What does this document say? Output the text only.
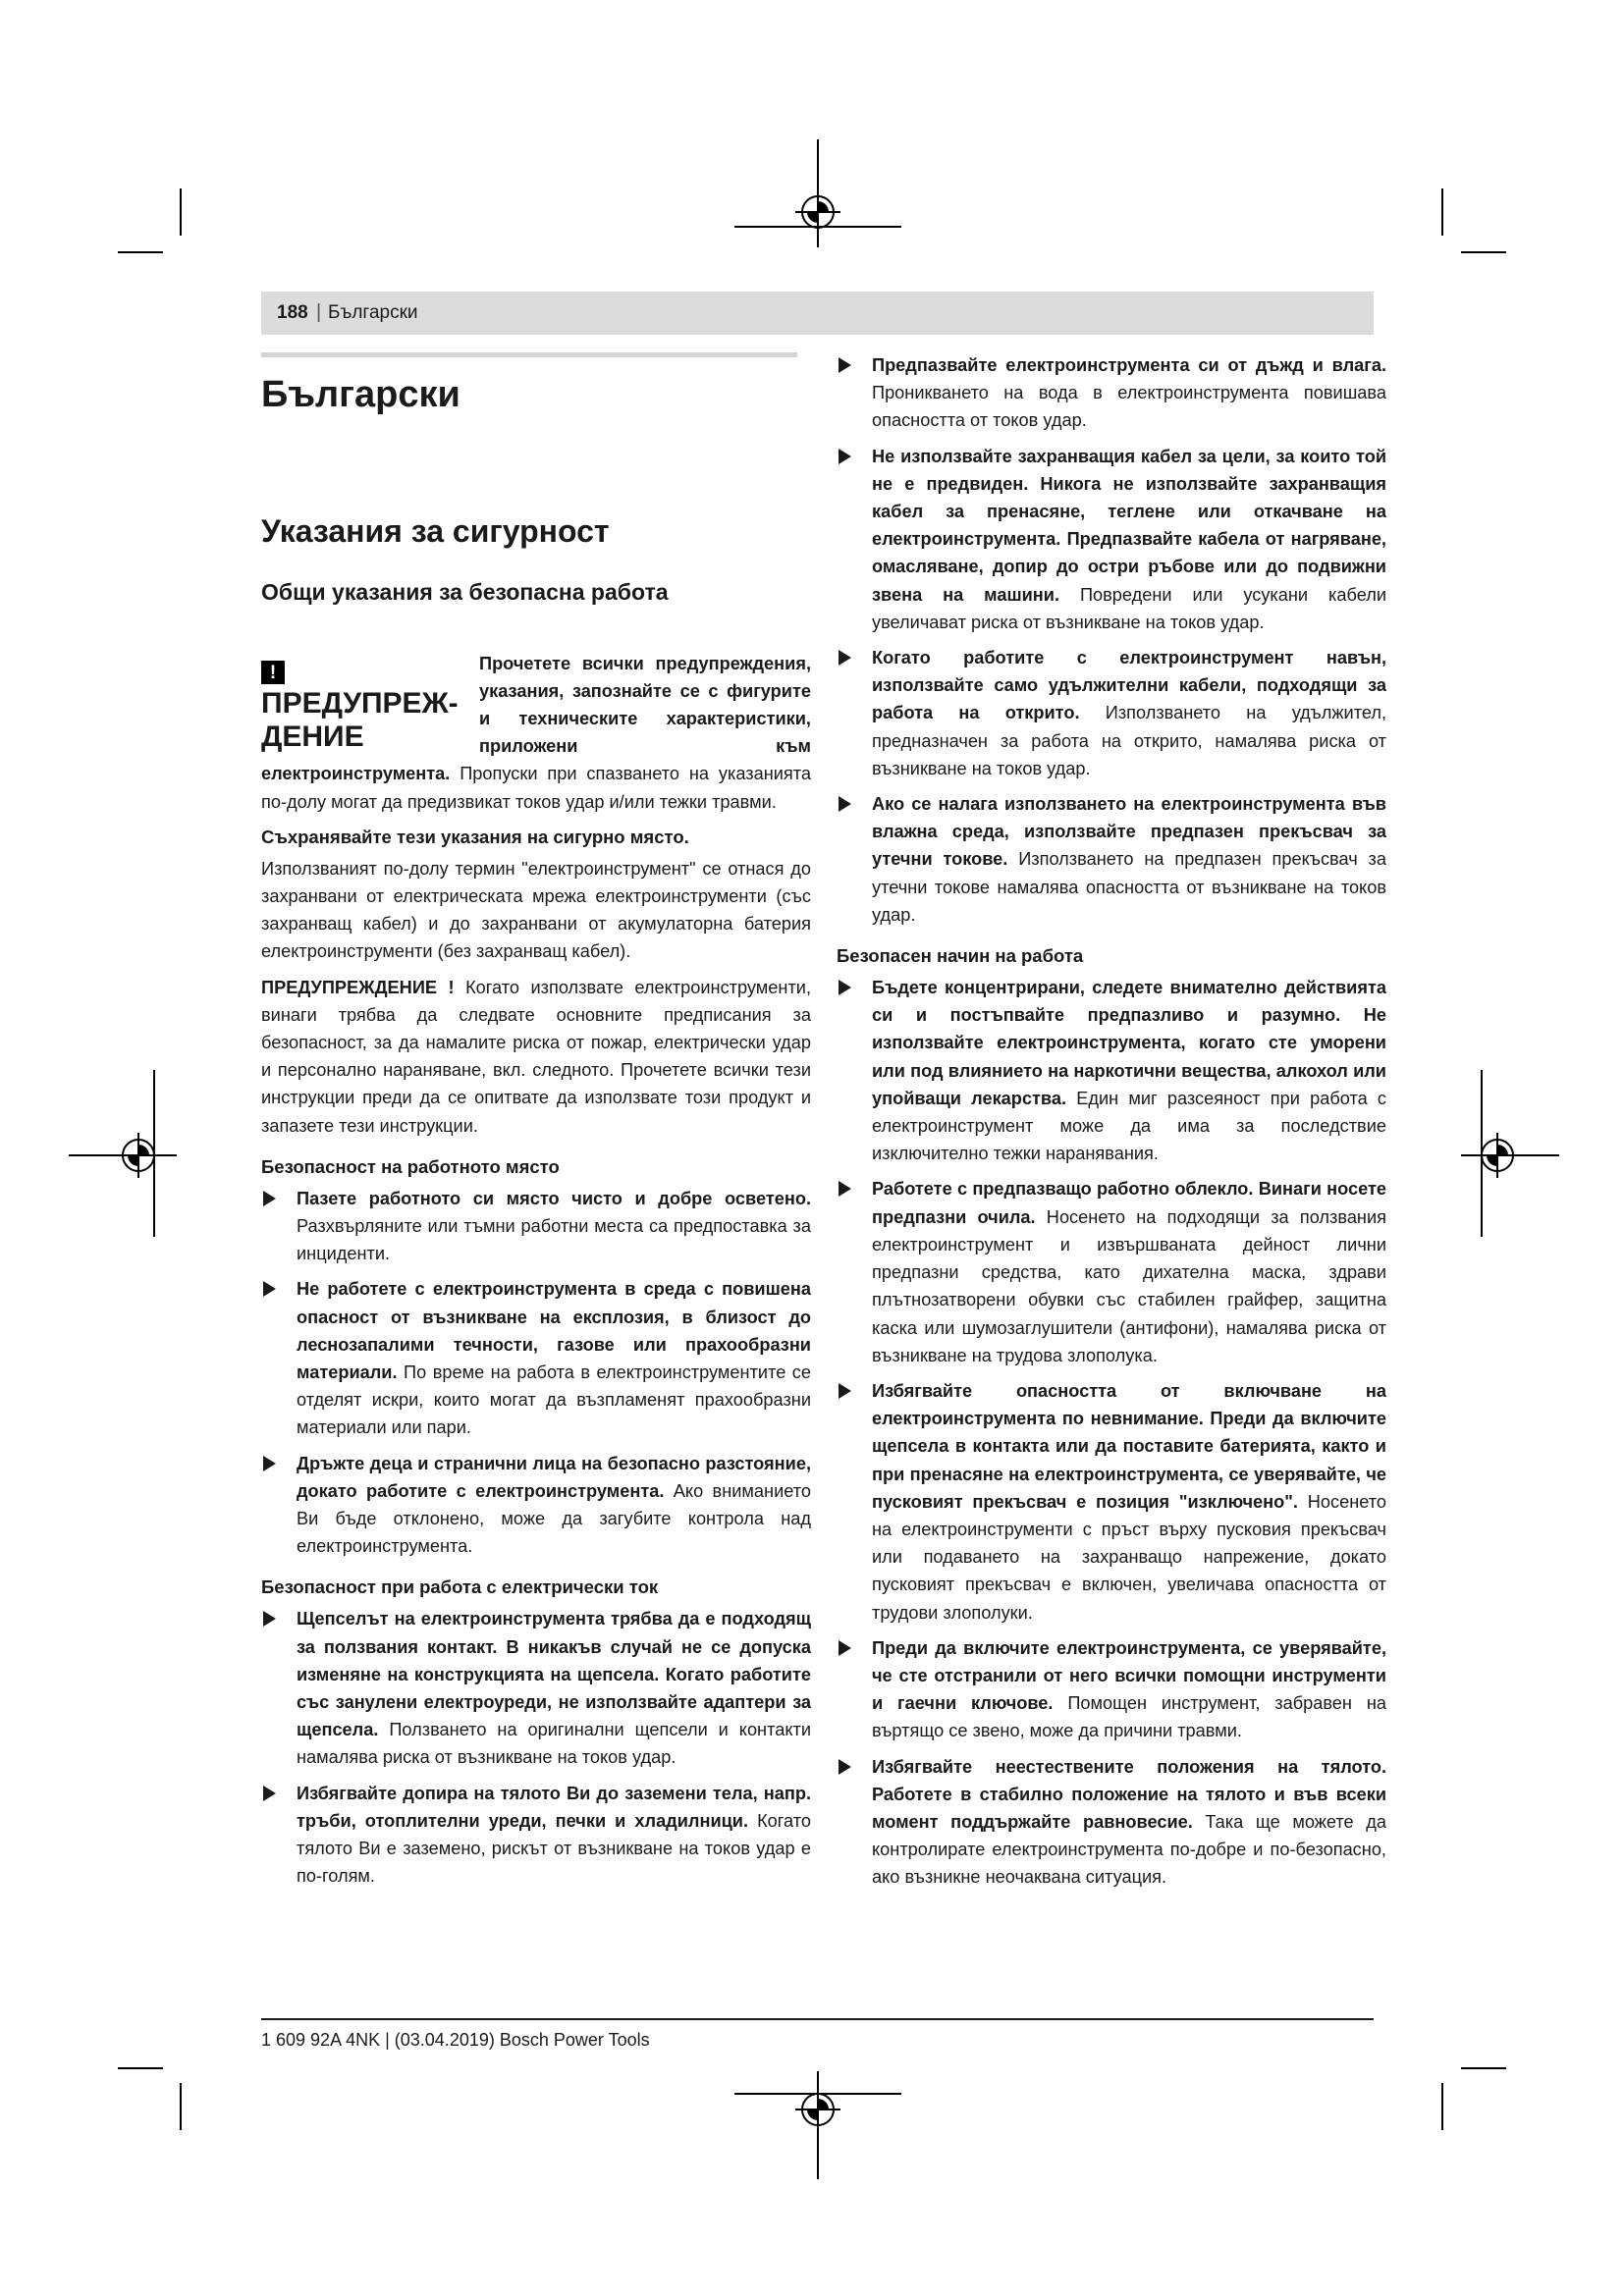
188 | Български
Български
Указания за сигурност
Общи указания за безопасна работа
!ПРЕДУПРЕЖ-ДЕНИЕ

Прочетете всички предупреждения, указания, запознайте се с фигурите и техническите характеристики, приложени към електроинструмента. Пропуски при спазването на указанията по-долу могат да предизвикат токов удар и/или тежки травми.

Съхранявайте тези указания на сигурно място.

Използваният по-долу термин "електроинструмент" се отнася до захранвани от електрическата мрежа електроинструменти (със захранващ кабел) и до захранвани от акумулаторна батерия електроинструменти (без захранващ кабел).

ПРЕДУПРЕЖДЕНИЕ ! Когато използвате електроинструменти, винаги трябва да следвате основните предписания за безопасност, за да намалите риска от пожар, електрически удар и персонално нараняване, вкл. следното. Прочетете всички тези инструкции преди да се опитвате да използвате този продукт и запазете тези инструкции.

Безопасност на работното място
Пазете работното си място чисто и добре осветено. Разхвърляните или тъмни работни места са предпоставка за инциденти.
Не работете с електроинструмента в среда с повишена опасност от възникване на експлозия, в близост до леснозапалими течности, газове или прахообразни материали. По време на работа в електроинструментите се отделят искри, които могат да възпламенят прахообразни материали или пари.
Дръжте деца и странични лица на безопасно разстояние, докато работите с електроинструмента. Ако вниманието Ви бъде отклонено, може да загубите контрола над електроинструмента.
Безопасност при работа с електрически ток
Щепселът на електроинструмента трябва да е подходящ за ползвания контакт. В никакъв случай не се допуска изменяне на конструкцията на щепсела. Когато работите със занулени електроуреди, не използвайте адаптери за щепсела. Ползването на оригинални щепсели и контакти намалява риска от възникване на токов удар.
Избягвайте допира на тялото Ви до заземени тела, напр. тръби, отоплителни уреди, печки и хладилници. Когато тялото Ви е заземено, рискът от възникване на токов удар е по-голям.
Предпазвайте електроинструмента си от дъжд и влага. Проникването на вода в електроинструмента повишава опасността от токов удар.
Не използвайте захранващия кабел за цели, за които той не е предвиден. Никога не използвайте захранващия кабел за пренасяне, теглене или откачване на електроинструмента. Предпазвайте кабела от нагряване, омасляване, допир до остри ръбове или до подвижни звена на машини. Повредени или усукани кабели увеличават риска от възникване на токов удар.
Когато работите с електроинструмент навън, използвайте само удължителни кабели, подходящи за работа на открито. Използването на удължител, предназначен за работа на открито, намалява риска от възникване на токов удар.
Ако се налага използването на електроинструмента във влажна среда, използвайте предпазен прекъсвач за утечни токове. Използването на предпазен прекъсвач за утечни токове намалява опасността от възникване на токов удар.
Безопасен начин на работа
Бъдете концентрирани, следете внимателно действията си и постъпвайте предпазливо и разумно. Не използвайте електроинструмента, когато сте уморени или под влиянието на наркотични вещества, алкохол или упойващи лекарства. Един миг разсеяност при работа с електроинструмент може да има за последствие изключително тежки наранявания.
Работете с предпазващо работно облекло. Винаги носете предпазни очила. Носенето на подходящи за ползвания електроинструмент и извършваната дейност лични предпазни средства, като дихателна маска, здрави плътнозатворени обувки със стабилен грайфер, защитна каска или шумозаглушители (антифони), намалява риска от възникване на трудова злополука.
Избягвайте опасността от включване на електроинструмента по невнимание. Преди да включите щепсела в контакта или да поставите батерията, както и при пренасяне на електроинструмента, се уверявайте, че пусковият прекъсвач е позиция "изключено". Носенето на електроинструменти с пръст върху пусковия прекъсвач или подаването на захранващо напрежение, докато пусковият прекъсвач е включен, увеличава опасността от трудови злополуки.
Преди да включите електроинструмента, се уверявайте, че сте отстранили от него всички помощни инструменти и гаечни ключове. Помощен инструмент, забравен на въртящо се звено, може да причини травми.
Избягвайте неестествените положения на тялото. Работете в стабилно положение на тялото и във всеки момент поддържайте равновесие. Така ще можете да контролирате електроинструмента по-добре и по-безопасно, ако възникне неочаквана ситуация.
1 609 92A 4NK | (03.04.2019) Bosch Power Tools
